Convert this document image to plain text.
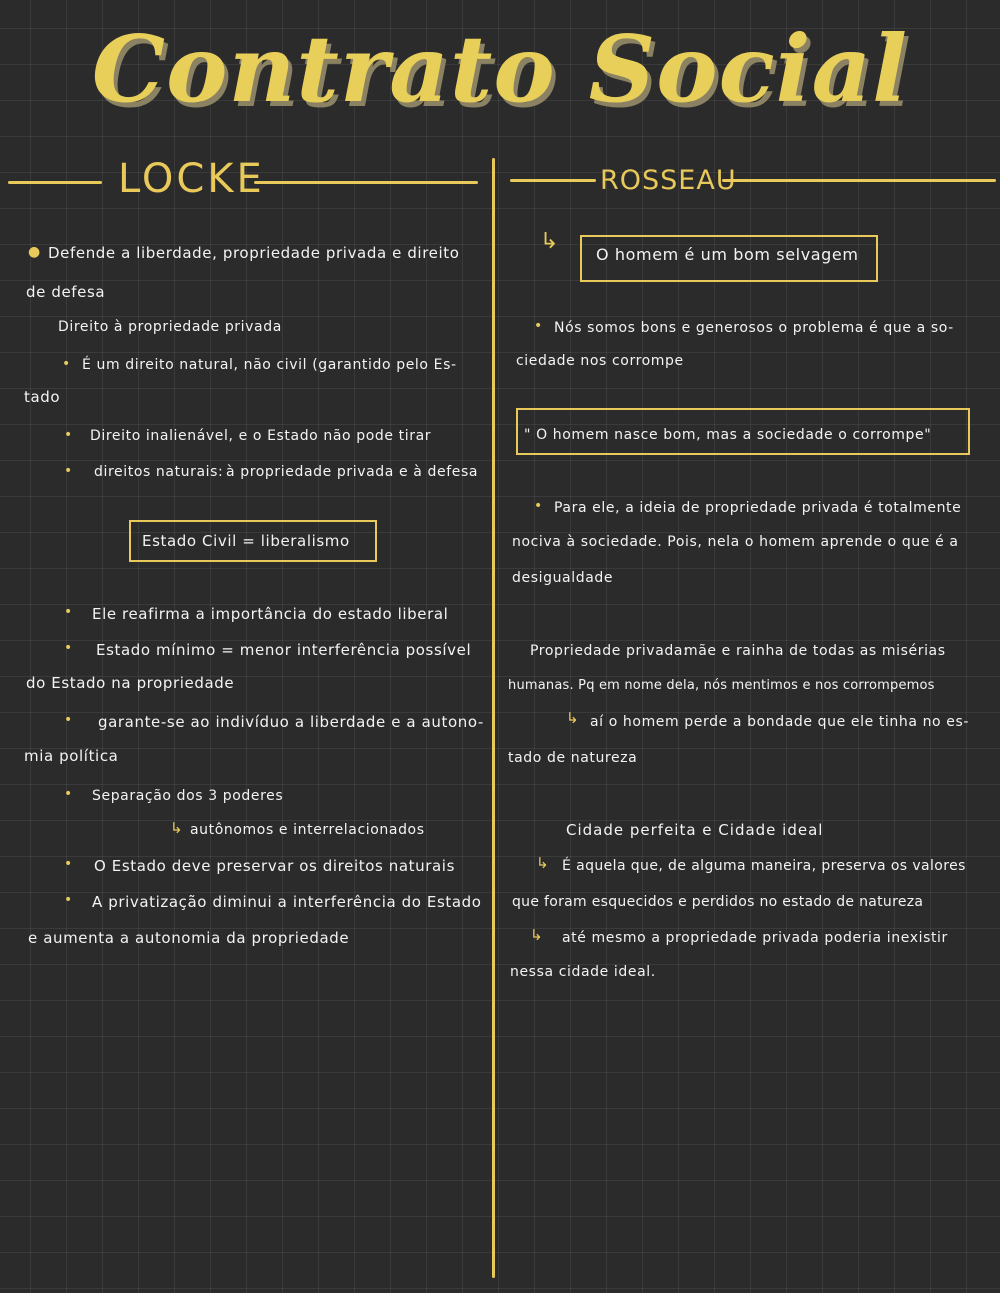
Contrato Social
LOCKE	ROSSEAU
● Defende a liberdade, propriedade privada e direito
de defesa
Direito à propriedade privada
• É um direito natural, não civil (garantido pelo Es-
tado
• Direito inalienável, e o Estado não pode tirar
• direitos naturais: à propriedade privada e à defesa
Estado Civil = liberalismo
• Ele reafirma a importância do estado liberal
• Estado mínimo = menor interferência possível
do Estado na propriedade
• garante-se ao indivíduo a liberdade e a autono-
mia política
• Separação dos 3 poderes
↳ autônomos e interrelacionados
• O Estado deve preservar os direitos naturais
• A privatização diminui a interferência do Estado
e aumenta a autonomia da propriedade
↳
O homem é um bom selvagem
• Nós somos bons e generosos o problema é que a so-
ciedade nos corrompe
" O homem nasce bom, mas a sociedade o corrompe"
• Para ele, a ideia de propriedade privada é totalmente
nociva à sociedade. Pois, nela o homem aprende o que é a
desigualdade
Propriedade privada:
mãe e rainha de todas as misérias
humanas. Pq em nome dela, nós mentimos e nos corrompemos
↳ aí o homem perde a bondade que ele tinha no es-
tado de natureza
Cidade perfeita e Cidade ideal
↳ É aquela que, de alguma maneira, preserva os valores
que foram esquecidos e perdidos no estado de natureza
↳ até mesmo a propriedade privada poderia inexistir
nessa cidade ideal.
